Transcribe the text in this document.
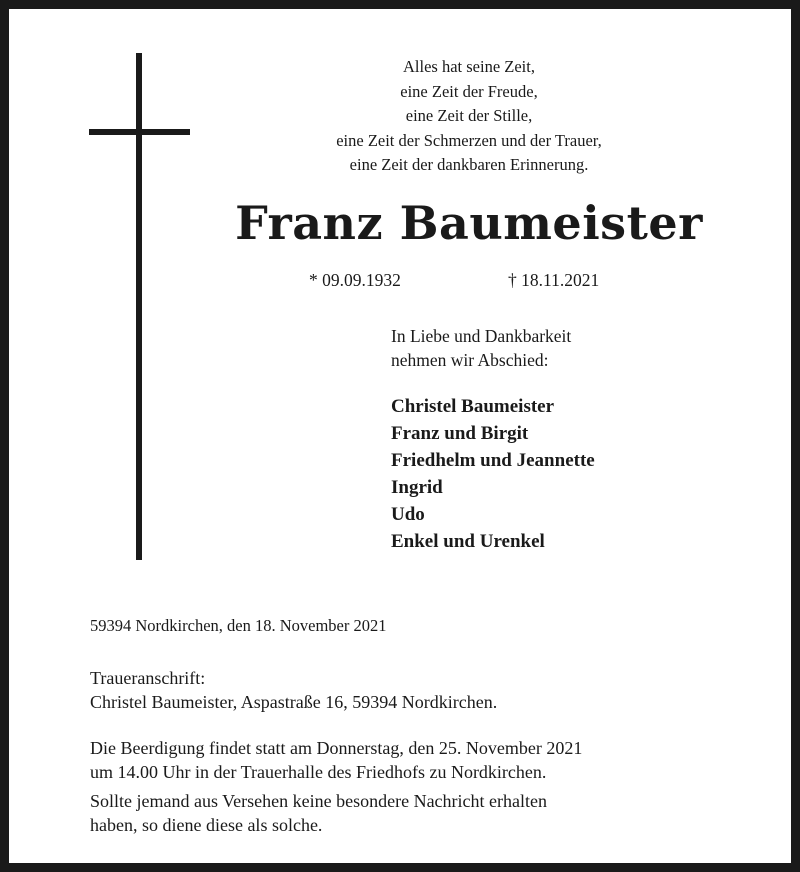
Alles hat seine Zeit,
eine Zeit der Freude,
eine Zeit der Stille,
eine Zeit der Schmerzen und der Trauer,
eine Zeit der dankbaren Erinnerung.
Franz Baumeister
* 09.09.1932	† 18.11.2021
In Liebe und Dankbarkeit
nehmen wir Abschied:
Christel Baumeister
Franz und Birgit
Friedhelm und Jeannette
Ingrid
Udo
Enkel und Urenkel
59394 Nordkirchen, den 18. November 2021
Traueranschrift:
Christel Baumeister, Aspastraße 16, 59394 Nordkirchen.
Die Beerdigung findet statt am Donnerstag, den 25. November 2021
um 14.00 Uhr in der Trauerhalle des Friedhofs zu Nordkirchen.
Sollte jemand aus Versehen keine besondere Nachricht erhalten
haben, so diene diese als solche.
